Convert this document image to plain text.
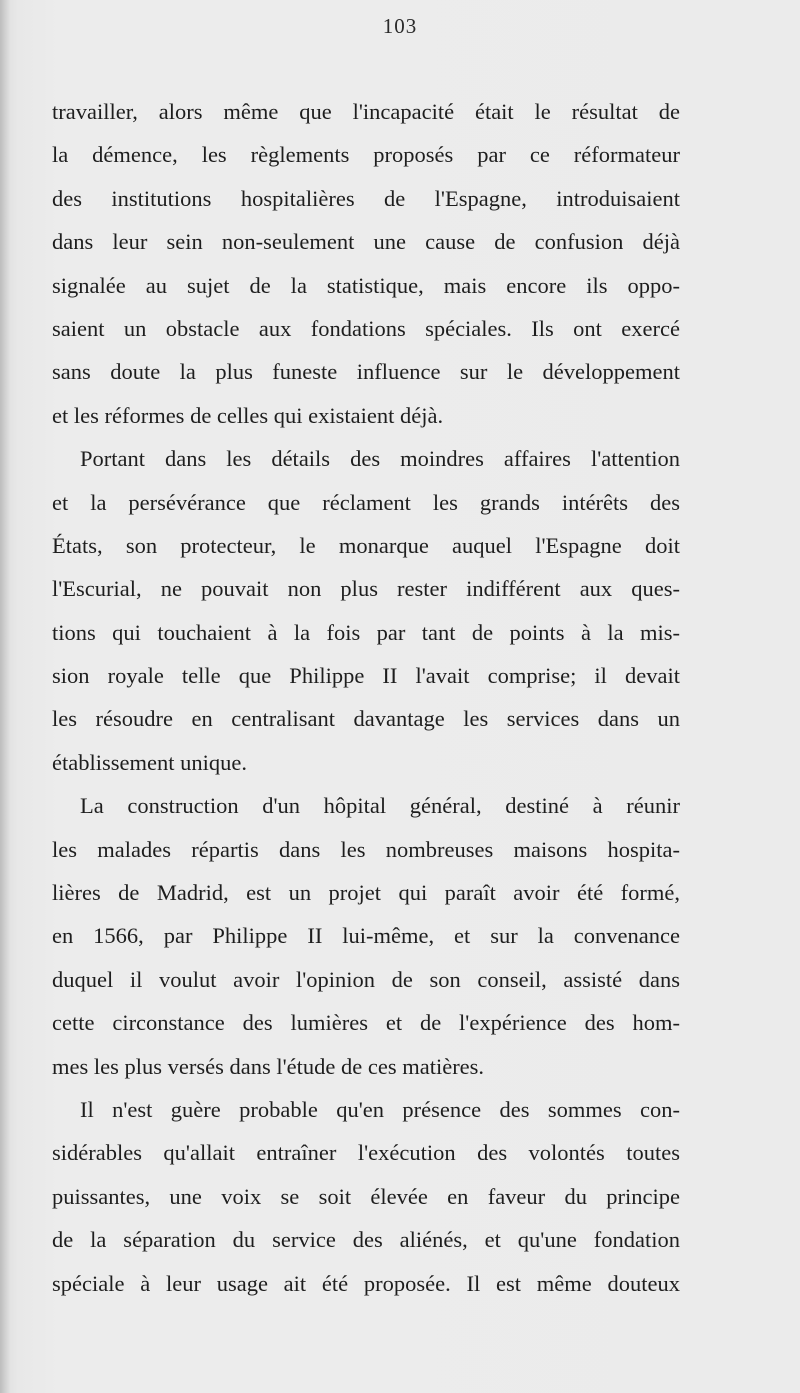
103
travailler, alors même que l'incapacité était le résultat de
la démence, les règlements proposés par ce réformateur
des institutions hospitalières de l'Espagne, introduisaient
dans leur sein non-seulement une cause de confusion déjà
signalée au sujet de la statistique, mais encore ils oppo-
saient un obstacle aux fondations spéciales. Ils ont exercé
sans doute la plus funeste influence sur le développement
et les réformes de celles qui existaient déjà.
Portant dans les détails des moindres affaires l'attention
et la persévérance que réclament les grands intérêts des
États, son protecteur, le monarque auquel l'Espagne doit
l'Escurial, ne pouvait non plus rester indifférent aux ques-
tions qui touchaient à la fois par tant de points à la mis-
sion royale telle que Philippe II l'avait comprise; il devait
les résoudre en centralisant davantage les services dans un
établissement unique.
La construction d'un hôpital général, destiné à réunir
les malades répartis dans les nombreuses maisons hospita-
lières de Madrid, est un projet qui paraît avoir été formé,
en 1566, par Philippe II lui-même, et sur la convenance
duquel il voulut avoir l'opinion de son conseil, assisté dans
cette circonstance des lumières et de l'expérience des hom-
mes les plus versés dans l'étude de ces matières.
Il n'est guère probable qu'en présence des sommes con-
sidérables qu'allait entraîner l'exécution des volontés toutes
puissantes, une voix se soit élevée en faveur du principe
de la séparation du service des aliénés, et qu'une fondation
spéciale à leur usage ait été proposée. Il est même douteux
